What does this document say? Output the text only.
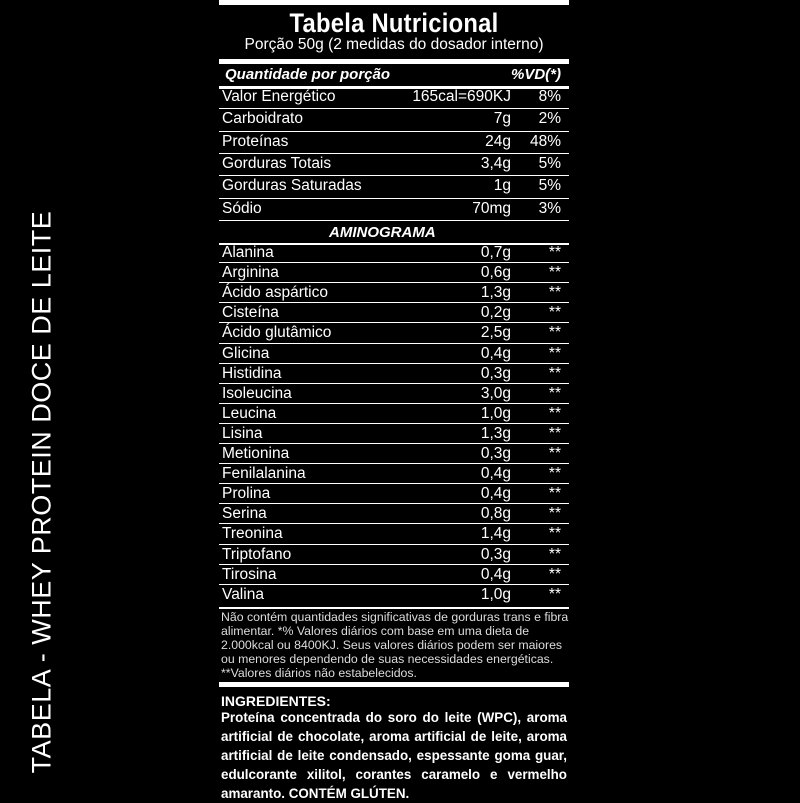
TABELA - WHEY PROTEIN DOCE DE LEITE
Tabela Nutricional
Porção 50g (2 medidas do dosador interno)
Quantidade por porção	%VD(*)
AMINOGRAMA
Não contém quantidades significativas de gorduras trans e fibra alimentar. *% Valores diários com base em uma dieta de 2.000kcal ou 8400KJ. Seus valores diários podem ser maiores ou menores dependendo de suas necessidades energéticas. **Valores diários não estabelecidos.
INGREDIENTES:
Proteína concentrada do soro do leite (WPC), aroma artificial de chocolate, aroma artificial de leite, aroma artificial de leite condensado, espessante goma guar, edulcorante xilitol, corantes caramelo e vermelho amaranto. CONTÉM GLÚTEN.
Valor Energético	165cal=690KJ 8%
Carboidrato	7g 2%
Proteínas	24g 48%
Gorduras Totais	3,4g 5%
Gorduras Saturadas	1g 5%
Sódio	70mg 3%
Alanina	0,7g **
Arginina	0,6g **
Ácido aspártico	1,3g **
Cisteína	0,2g **
Ácido glutâmico	2,5g **
Glicina	0,4g **
Histidina	0,3g **
Isoleucina	3,0g **
Leucina	1,0g **
Lisina	1,3g **
Metionina	0,3g **
Fenilalanina	0,4g **
Prolina	0,4g **
Serina	0,8g **
Treonina	1,4g **
Triptofano	0,3g **
Tirosina	0,4g **
Valina	1,0g **
